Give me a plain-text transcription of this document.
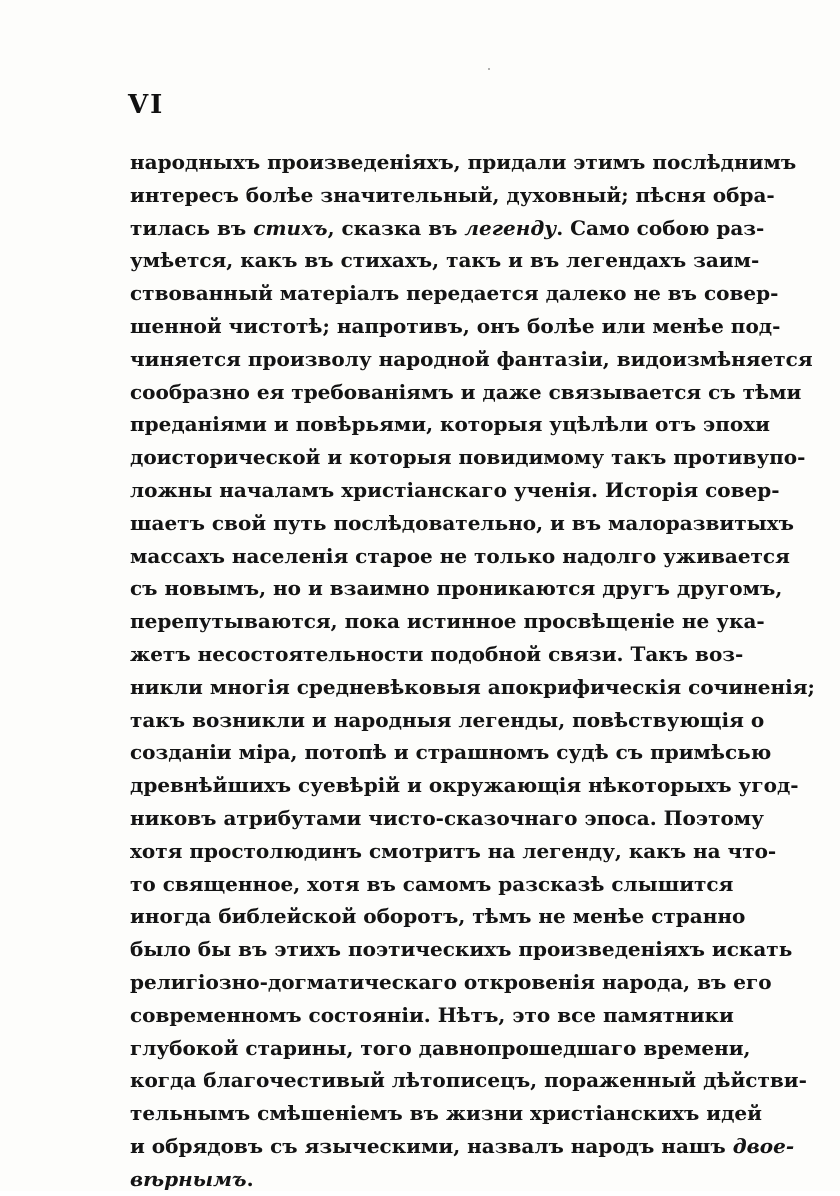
VI
народныхъ произведеніяхъ, придали этимъ послѣднимъ
интересъ болѣе значительный, духовный; пѣсня обра-
тилась въ стихъ, сказка въ легенду. Само собою раз-
умѣется, какъ въ стихахъ, такъ и въ легендахъ заим-
ствованный матеріалъ передается далеко не въ совер-
шенной чистотѣ; напротивъ, онъ болѣе или менѣе под-
чиняется произволу народной фантазіи, видоизмѣняется
сообразно ея требованіямъ и даже связывается съ тѣми
преданіями и повѣрьями, которыя уцѣлѣли отъ эпохи
доисторической и которыя повидимому такъ противупо-
ложны началамъ христіанскаго ученія. Исторія совер-
шаетъ свой путь послѣдовательно, и въ малоразвитыхъ
массахъ населенія старое не только надолго уживается
съ новымъ, но и взаимно проникаются другъ другомъ,
перепутываются, пока истинное просвѣщеніе не ука-
жетъ несостоятельности подобной связи. Такъ воз-
никли многія средневѣковыя апокрифическія сочиненія;
такъ возникли и народныя легенды, повѣствующія о
созданіи міра, потопѣ и страшномъ судѣ съ примѣсью
древнѣйшихъ суевѣрій и окружающія нѣкоторыхъ угод-
никовъ атрибутами чисто-сказочнаго эпоса. Поэтому
хотя простолюдинъ смотритъ на легенду, какъ на что-
то священное, хотя въ самомъ разсказѣ слышится
иногда библейской оборотъ, тѣмъ не менѣе странно
было бы въ этихъ поэтическихъ произведеніяхъ искать
религіозно-догматическаго откровенія народа, въ его
современномъ состояніи. Нѣтъ, это все памятники
глубокой старины, того давнопрошедшаго времени,
когда благочестивый лѣтописецъ, пораженный дѣйстви-
тельнымъ смѣшеніемъ въ жизни христіанскихъ идей
и обрядовъ съ языческими, назвалъ народъ нашъ двое-
вѣрнымъ.
